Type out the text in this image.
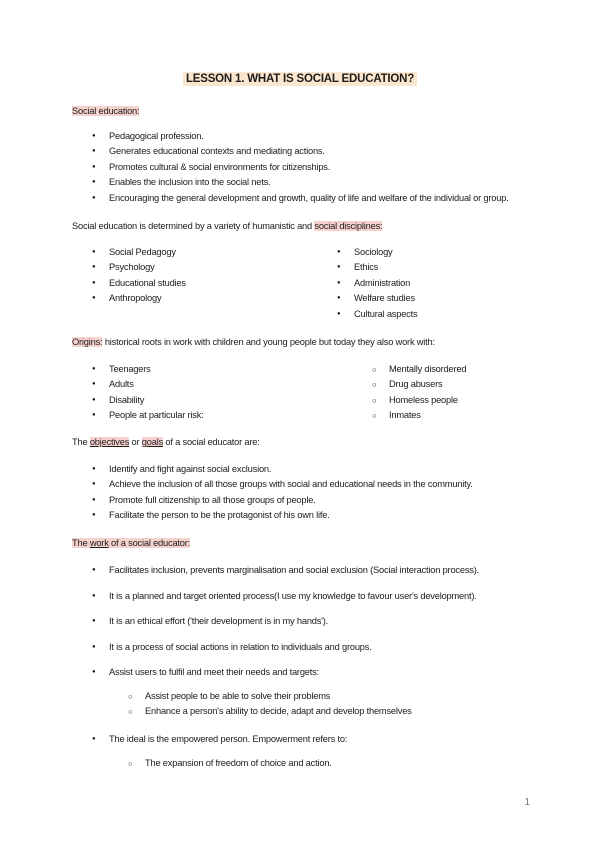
LESSON 1. WHAT IS SOCIAL EDUCATION?
Social education:
● Pedagogical profession.
● Generates educational contexts and mediating actions.
● Promotes cultural & social environments for citizenships.
● Enables the inclusion into the social nets.
● Encouraging the general development and growth, quality of life and welfare of the individual or group.
Social education is determined by a variety of humanistic and social disciplines:
● Social Pedagogy
● Psychology
● Educational studies
● Anthropology
● Sociology
● Ethics
● Administration
● Welfare studies
● Cultural aspects
Origins: historical roots in work with children and young people but today they also work with:
● Teenagers
● Adults
● Disability
● People at particular risk:
○ Mentally disordered
○ Drug abusers
○ Homeless people
○ Inmates
The objectives or goals of a social educator are:
● Identify and fight against social exclusion.
● Achieve the inclusion of all those groups with social and educational needs in the community.
● Promote full citizenship to all those groups of people.
● Facilitate the person to be the protagonist of his own life.
The work of a social educator:
● Facilitates inclusion, prevents marginalisation and social exclusion (Social interaction process).
● It is a planned and target oriented process(I use my knowledge to favour user's development).
● It is an ethical effort ('their development is in my hands').
● It is a process of social actions in relation to individuals and groups.
● Assist users to fulfil and meet their needs and targets:
○ Assist people to be able to solve their problems
○ Enhance a person's ability to decide, adapt and develop themselves
● The ideal is the empowered person. Empowerment refers to:
○ The expansion of freedom of choice and action.
1
